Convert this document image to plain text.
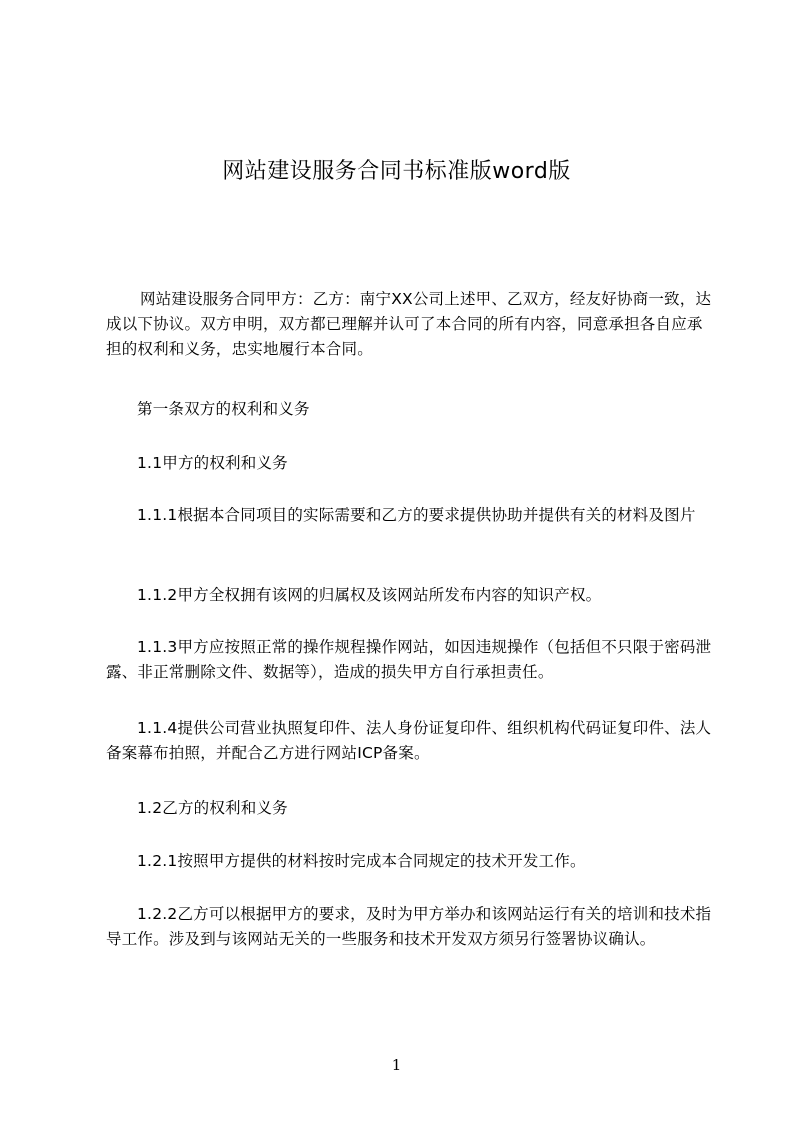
网站建设服务合同书标准版word版

网站建设服务合同甲方：乙方：南宁XX公司上述甲、乙双方，经友好协商一致，达成以下协议。双方申明，双方都已理解并认可了本合同的所有内容，同意承担各自应承担的权利和义务，忠实地履行本合同。

第一条双方的权利和义务

1.1甲方的权利和义务

1.1.1根据本合同项目的实际需要和乙方的要求提供协助并提供有关的材料及图片

1.1.2甲方全权拥有该网的归属权及该网站所发布内容的知识产权。

1.1.3甲方应按照正常的操作规程操作网站，如因违规操作（包括但不只限于密码泄露、非正常删除文件、数据等），造成的损失甲方自行承担责任。

1.1.4提供公司营业执照复印件、法人身份证复印件、组织机构代码证复印件、法人备案幕布拍照，并配合乙方进行网站ICP备案。

1.2乙方的权利和义务

1.2.1按照甲方提供的材料按时完成本合同规定的技术开发工作。

1.2.2乙方可以根据甲方的要求，及时为甲方举办和该网站运行有关的培训和技术指导工作。涉及到与该网站无关的一些服务和技术开发双方须另行签署协议确认。

1
